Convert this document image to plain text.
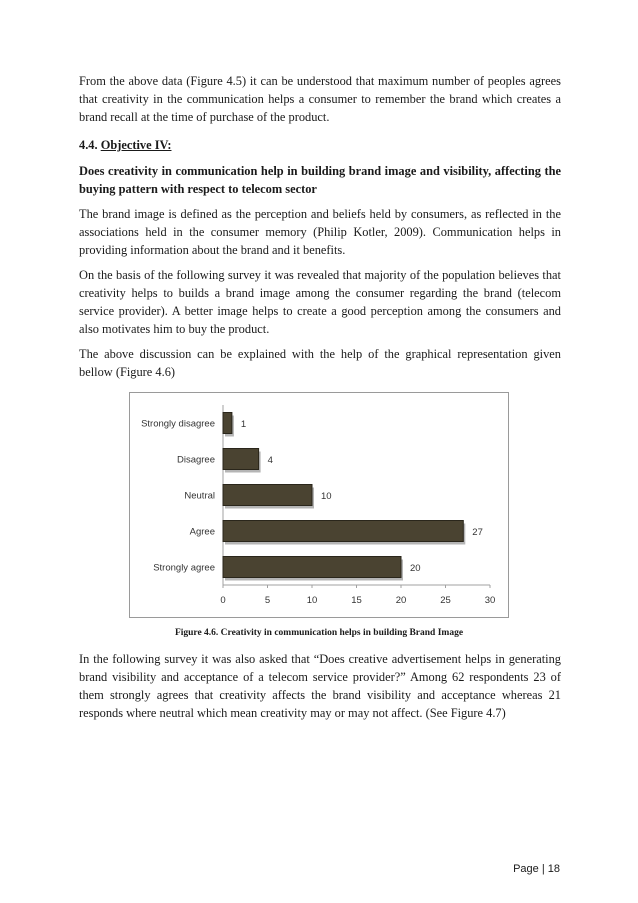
From the above data (Figure 4.5) it can be understood that maximum number of peoples agrees that creativity in the communication helps a consumer to remember the brand which creates a brand recall at the time of purchase of the product.

4.4. Objective IV:

Does creativity in communication help in building brand image and visibility, affecting the buying pattern with respect to telecom sector

The brand image is defined as the perception and beliefs held by consumers, as reflected in the associations held in the consumer memory (Philip Kotler, 2009). Communication helps in providing information about the brand and it benefits.

On the basis of the following survey it was revealed that majority of the population believes that creativity helps to builds a brand image among the consumer regarding the brand (telecom service provider). A better image helps to create a good perception among the consumers and also motivates him to buy the product.

The above discussion can be explained with the help of the graphical representation given bellow (Figure 4.6)

0	5	10	15	20	25	30
Strongly disagree	1
Disagree	4
Neutral	10
Agree	27
Strongly agree	20

Figure 4.6. Creativity in communication helps in building Brand Image

In the following survey it was also asked that “Does creative advertisement helps in generating brand visibility and acceptance of a telecom service provider?” Among 62 respondents 23 of them strongly agrees that creativity affects the brand visibility and acceptance whereas 21 responds where neutral which mean creativity may or may not affect. (See Figure 4.7)

Page | 18
